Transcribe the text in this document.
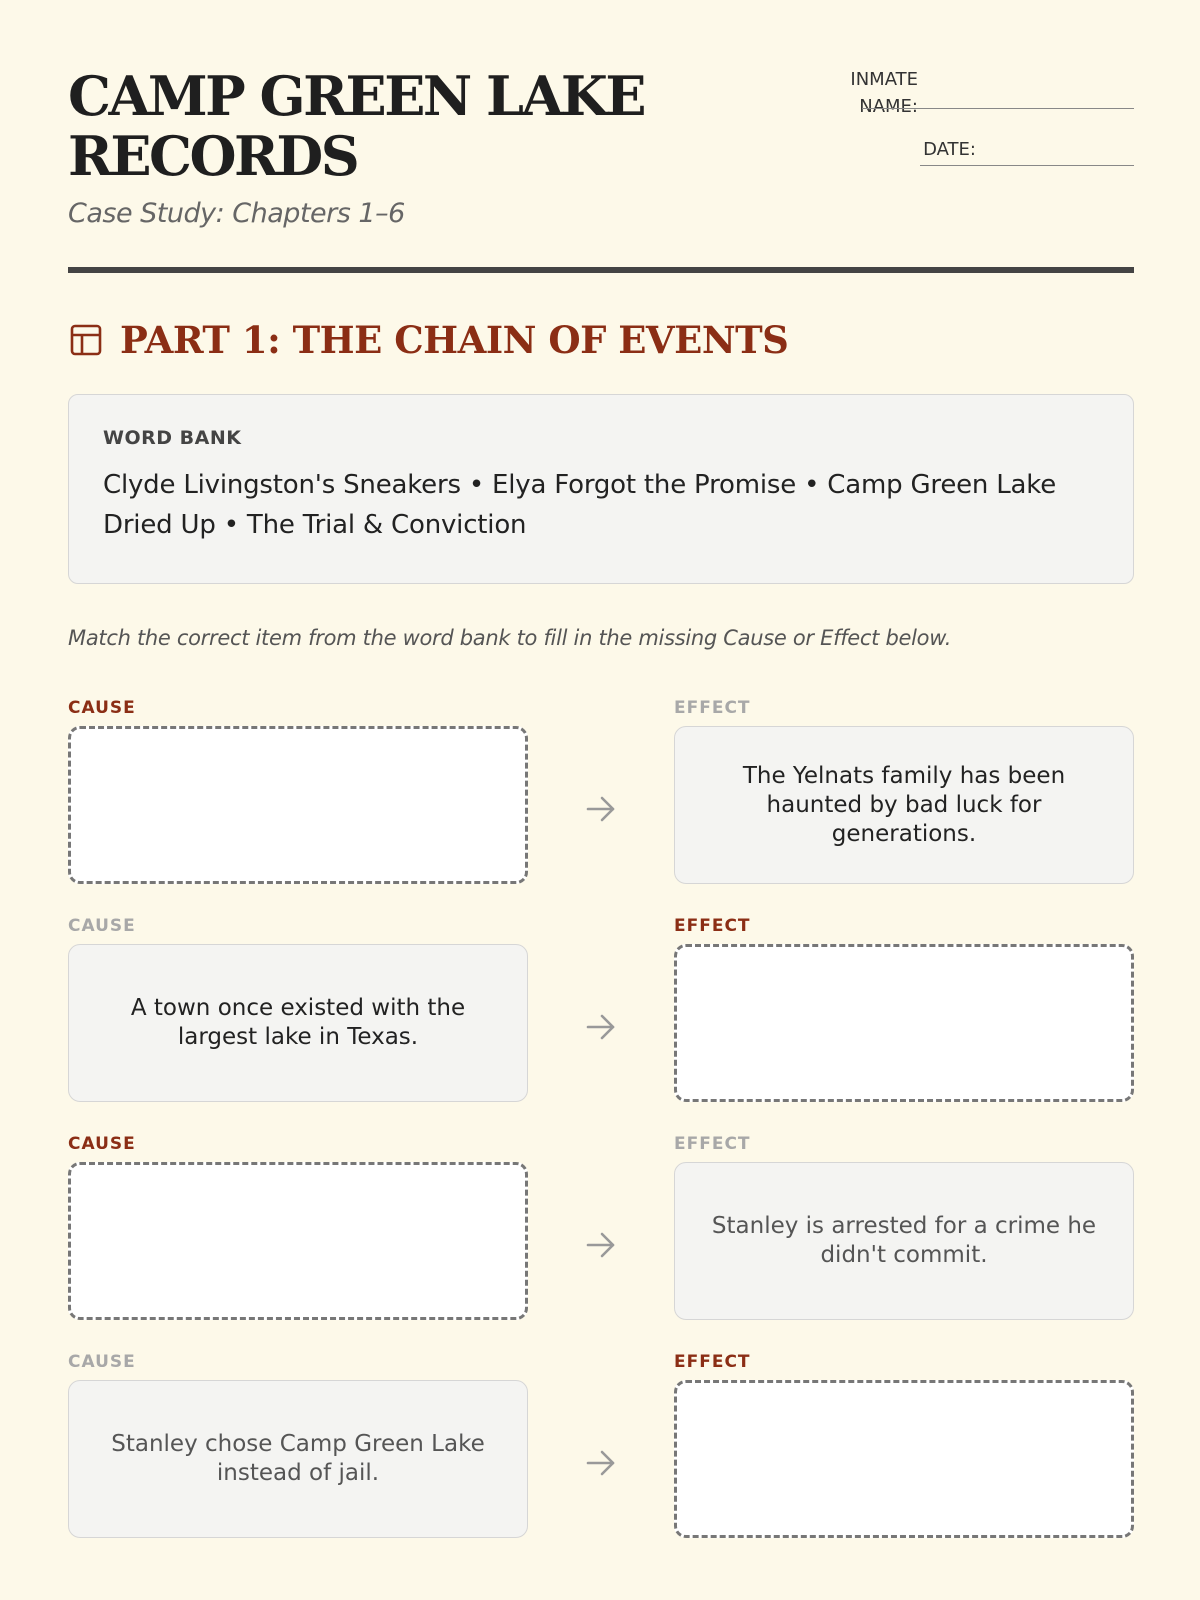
CAMP GREEN LAKE
RECORDS
Case Study: Chapters 1–6
INMATE
NAME:
DATE:
PART 1: THE CHAIN OF EVENTS
WORD BANK
Clyde Livingston's Sneakers • Elya Forgot the Promise • Camp Green Lake Dried Up • The Trial & Conviction
Match the correct item from the word bank to fill in the missing Cause or Effect below.
CAUSE	EFFECT
The Yelnats family has been haunted by bad luck for generations.
CAUSE
A town once existed with the largest lake in Texas.
EFFECT
CAUSE	EFFECT
Stanley is arrested for a crime he didn't commit.
CAUSE
Stanley chose Camp Green Lake instead of jail.
EFFECT
